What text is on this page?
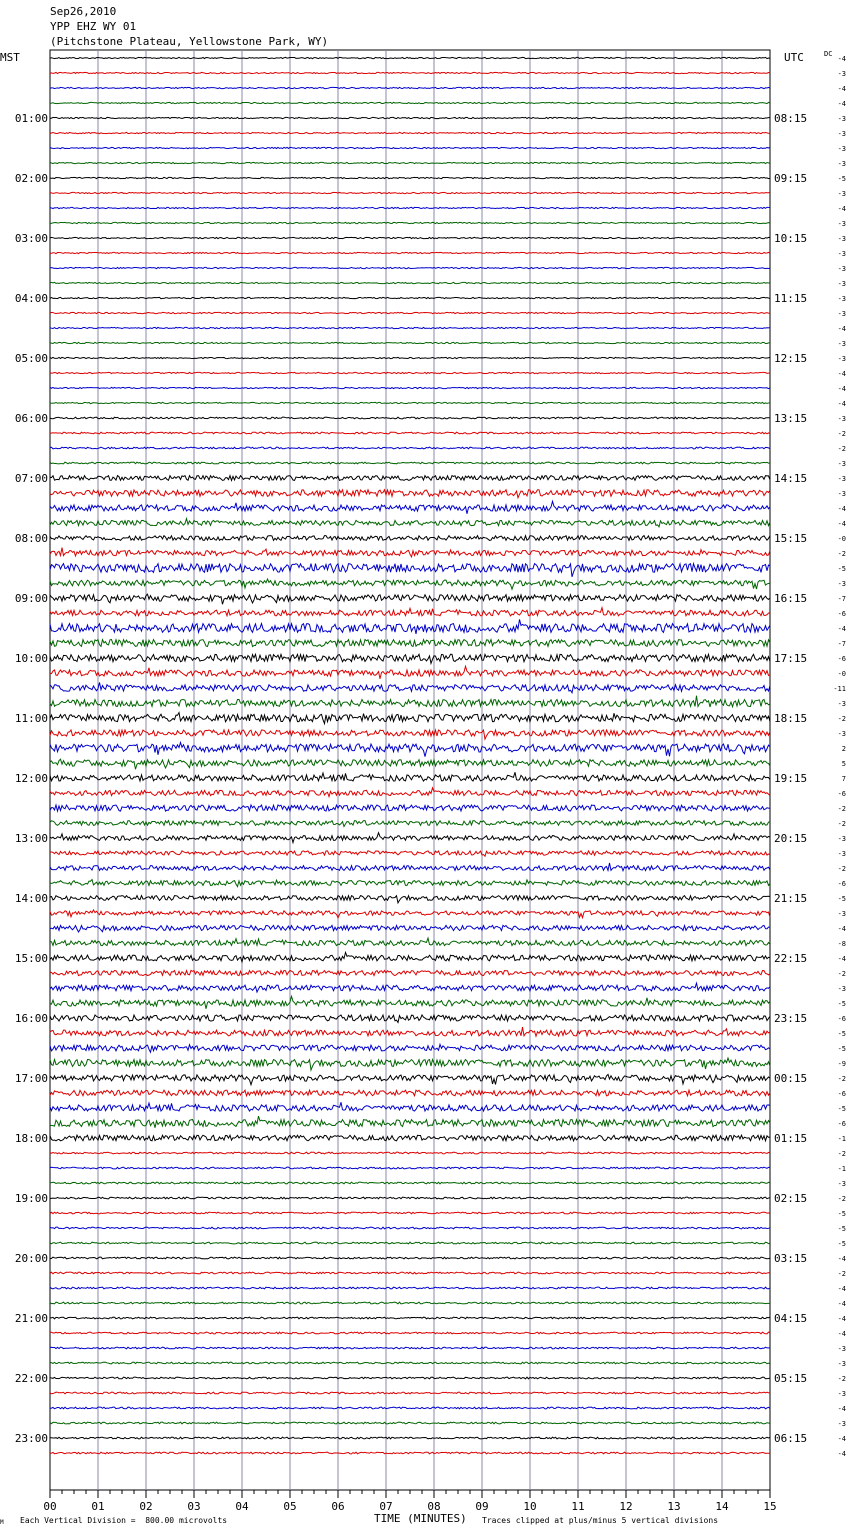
Sep26,2010
YPP EHZ WY 01
(Pitchstone Plateau, Yellowstone Park, WY)
00	01	02	03	04	05	06	07	08	09	10	11	12	13	14	15
MST	UTC	DC
-4
-3
-4
-4
-3
-3
-3
-3
-5
-3
-4
-3
-3
-3
-3
-3
-3
-3
-4
-3
-3
-4
-4
-4
-3
-2
-2
-3
-3
-3
-4
-4
-0
-2
-5
-3
-7
-6
-4
-7
-6
-0
-11
-3
-2
-3
2
5
7
-6
-2
-2
-3
-3
-2
-6
-5
-3
-4
-8
-4
-2
-3
-5
-6
-5
-5
-9
-2
-6
-5
-6
-1
-2
-1
-3
-2
-5
-5
-5
-4
-2
-4
-4
-4
-4
-3
-3
-2
-3
-4
-3
-4
-4
01:00
02:00
03:00
04:00
05:00
06:00
07:00
08:00
09:00
10:00
11:00
12:00
13:00
14:00
15:00
16:00
17:00
18:00
19:00
20:00
21:00
22:00
23:00
08:15
09:15
10:15
11:15
12:15
13:15
14:15
15:15
16:15
17:15
18:15
19:15
20:15
21:15
22:15
23:15
00:15
01:15
02:15
03:15
04:15
05:15
06:15
M Each Vertical Division =  800.00 microvolts	TIME (MINUTES) Traces clipped at plus/minus 5 vertical divisions
